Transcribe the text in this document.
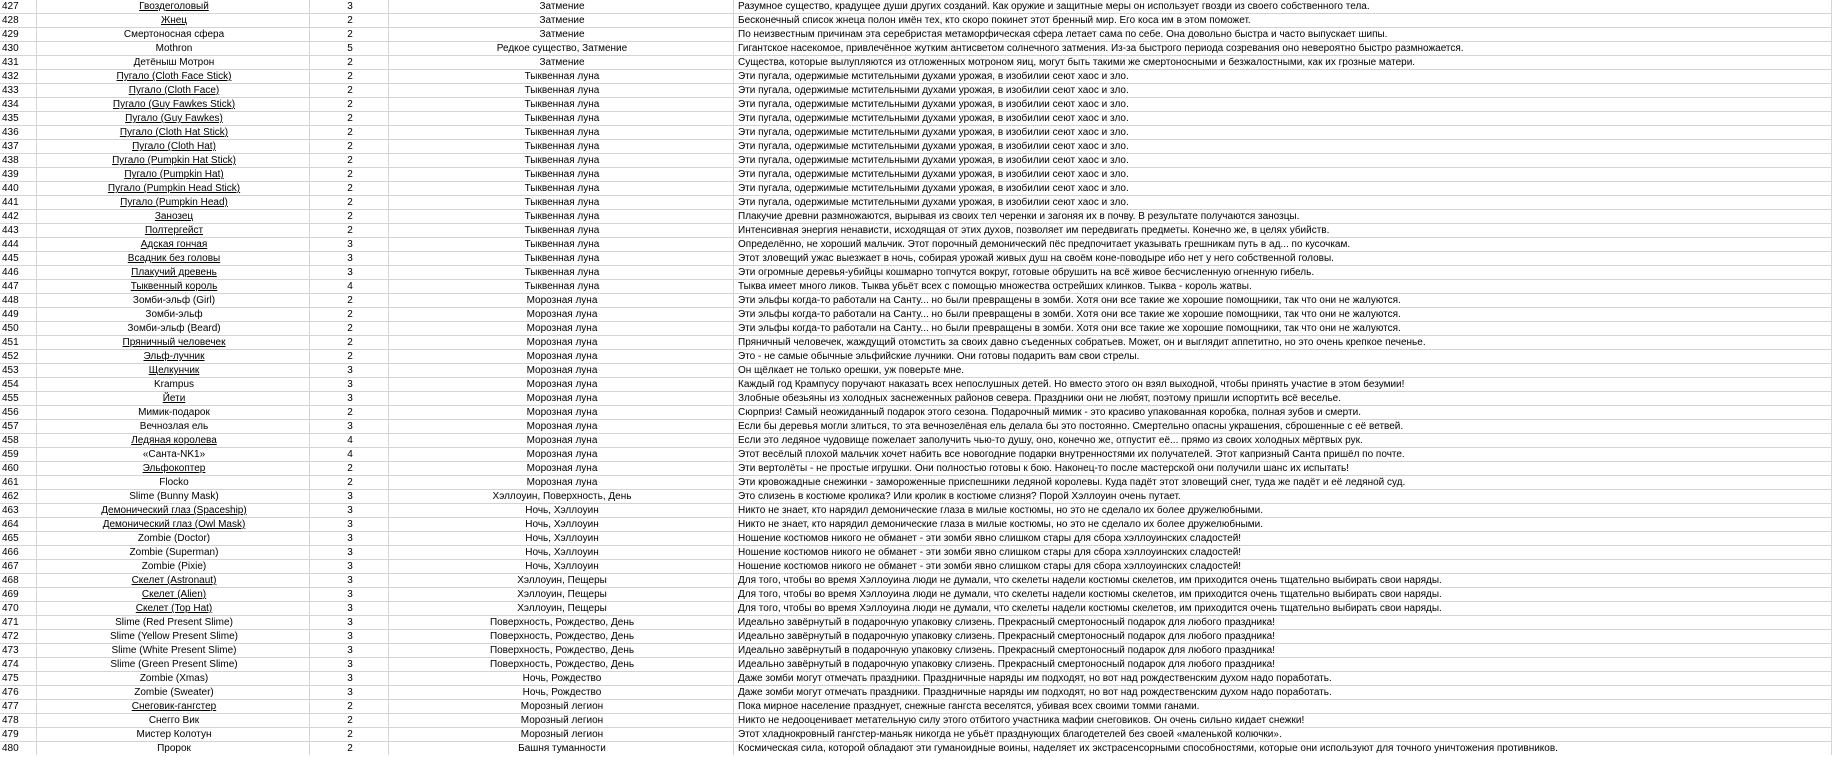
427	Гвоздеголовый	3	Затмение	Разумное существо, крадущее души других созданий. Как оружие и защитные меры он использует гвозди из своего собственного тела.
428	Жнец	2	Затмение	Бесконечный список жнеца полон имён тех, кто скоро покинет этот бренный мир. Его коса им в этом поможет.
429	Смертоносная сфера	2	Затмение	По неизвестным причинам эта серебристая метаморфическая сфера летает сама по себе. Она довольно быстра и часто выпускает шипы.
430	Mothron	5	Редкое существо, Затмение	Гигантское насекомое, привлечённое жутким антисветом солнечного затмения. Из-за быстрого периода созревания оно невероятно быстро размножается.
431	Детёныш Мотрон	2	Затмение	Существа, которые вылупляются из отложенных мотроном яиц, могут быть такими же смертоносными и безжалостными, как их грозные матери.
432	Пугало (Cloth Face Stick)	2	Тыквенная луна	Эти пугала, одержимые мстительными духами урожая, в изобилии сеют хаос и зло.
433	Пугало (Cloth Face)	2	Тыквенная луна	Эти пугала, одержимые мстительными духами урожая, в изобилии сеют хаос и зло.
434	Пугало (Guy Fawkes Stick)	2	Тыквенная луна	Эти пугала, одержимые мстительными духами урожая, в изобилии сеют хаос и зло.
435	Пугало (Guy Fawkes)	2	Тыквенная луна	Эти пугала, одержимые мстительными духами урожая, в изобилии сеют хаос и зло.
436	Пугало (Cloth Hat Stick)	2	Тыквенная луна	Эти пугала, одержимые мстительными духами урожая, в изобилии сеют хаос и зло.
437	Пугало (Cloth Hat)	2	Тыквенная луна	Эти пугала, одержимые мстительными духами урожая, в изобилии сеют хаос и зло.
438	Пугало (Pumpkin Hat Stick)	2	Тыквенная луна	Эти пугала, одержимые мстительными духами урожая, в изобилии сеют хаос и зло.
439	Пугало (Pumpkin Hat)	2	Тыквенная луна	Эти пугала, одержимые мстительными духами урожая, в изобилии сеют хаос и зло.
440	Пугало (Pumpkin Head Stick)	2	Тыквенная луна	Эти пугала, одержимые мстительными духами урожая, в изобилии сеют хаос и зло.
441	Пугало (Pumpkin Head)	2	Тыквенная луна	Эти пугала, одержимые мстительными духами урожая, в изобилии сеют хаос и зло.
442	Занозец	2	Тыквенная луна	Плакучие древни размножаются, вырывая из своих тел черенки и загоняя их в почву. В результате получаются занозцы.
443	Полтергейст	2	Тыквенная луна	Интенсивная энергия ненависти, исходящая от этих духов, позволяет им передвигать предметы. Конечно же, в целях убийств.
444	Адская гончая	3	Тыквенная луна	Определённо, не хороший мальчик. Этот порочный демонический пёс предпочитает указывать грешникам путь в ад... по кусочкам.
445	Всадник без головы	3	Тыквенная луна	Этот зловещий ужас выезжает в ночь, собирая урожай живых душ на своём коне-поводыре ибо нет у него собственной головы.
446	Плакучий древень	3	Тыквенная луна	Эти огромные деревья-убийцы кошмарно топчутся вокруг, готовые обрушить на всё живое бесчисленную огненную гибель.
447	Тыквенный король	4	Тыквенная луна	Тыква имеет много ликов. Тыква убьёт всех с помощью множества острейших клинков. Тыква - король жатвы.
448	Зомби-эльф (Girl)	2	Морозная луна	Эти эльфы когда-то работали на Санту... но были превращены в зомби. Хотя они все такие же хорошие помощники, так что они не жалуются.
449	Зомби-эльф	2	Морозная луна	Эти эльфы когда-то работали на Санту... но были превращены в зомби. Хотя они все такие же хорошие помощники, так что они не жалуются.
450	Зомби-эльф (Beard)	2	Морозная луна	Эти эльфы когда-то работали на Санту... но были превращены в зомби. Хотя они все такие же хорошие помощники, так что они не жалуются.
451	Пряничный человечек	2	Морозная луна	Пряничный человечек, жаждущий отомстить за своих давно съеденных собратьев. Может, он и выглядит аппетитно, но это очень крепкое печенье.
452	Эльф-лучник	2	Морозная луна	Это - не самые обычные эльфийские лучники. Они готовы подарить вам свои стрелы.
453	Щелкунчик	3	Морозная луна	Он щёлкает не только орешки, уж поверьте мне.
454	Krampus	3	Морозная луна	Каждый год Крампусу поручают наказать всех непослушных детей. Но вместо этого он взял выходной, чтобы принять участие в этом безумии!
455	Йети	3	Морозная луна	Злобные обезьяны из холодных заснеженных районов севера. Праздники они не любят, поэтому пришли испортить всё веселье.
456	Мимик-подарок	2	Морозная луна	Сюрприз! Самый неожиданный подарок этого сезона. Подарочный мимик - это красиво упакованная коробка, полная зубов и смерти.
457	Вечнозлая ель	3	Морозная луна	Если бы деревья могли злиться, то эта вечнозелёная ель делала бы это постоянно. Смертельно опасны украшения, сброшенные с её ветвей.
458	Ледяная королева	4	Морозная луна	Если это ледяное чудовище пожелает заполучить чью-то душу, оно, конечно же, отпустит её... прямо из своих холодных мёртвых рук.
459	«Санта-NK1»	4	Морозная луна	Этот весёлый плохой мальчик хочет набить все новогодние подарки внутренностями их получателей. Этот капризный Санта пришёл по почте.
460	Эльфокоптер	2	Морозная луна	Эти вертолёты - не простые игрушки. Они полностью готовы к бою. Наконец-то после мастерской они получили шанс их испытать!
461	Flocko	2	Морозная луна	Эти кровожадные снежинки - замороженные приспешники ледяной королевы. Куда падёт этот зловещий снег, туда же падёт и её ледяной суд.
462	Slime (Bunny Mask)	3	Хэллоуин, Поверхность, День	Это слизень в костюме кролика? Или кролик в костюме слизня? Порой Хэллоуин очень путает.
463	Демонический глаз (Spaceship)	3	Ночь, Хэллоуин	Никто не знает, кто нарядил демонические глаза в милые костюмы, но это не сделало их более дружелюбными.
464	Демонический глаз (Owl Mask)	3	Ночь, Хэллоуин	Никто не знает, кто нарядил демонические глаза в милые костюмы, но это не сделало их более дружелюбными.
465	Zombie (Doctor)	3	Ночь, Хэллоуин	Ношение костюмов никого не обманет - эти зомби явно слишком стары для сбора хэллоуинских сладостей!
466	Zombie (Superman)	3	Ночь, Хэллоуин	Ношение костюмов никого не обманет - эти зомби явно слишком стары для сбора хэллоуинских сладостей!
467	Zombie (Pixie)	3	Ночь, Хэллоуин	Ношение костюмов никого не обманет - эти зомби явно слишком стары для сбора хэллоуинских сладостей!
468	Скелет (Astronaut)	3	Хэллоуин, Пещеры	Для того, чтобы во время Хэллоуина люди не думали, что скелеты надели костюмы скелетов, им приходится очень тщательно выбирать свои наряды.
469	Скелет (Alien)	3	Хэллоуин, Пещеры	Для того, чтобы во время Хэллоуина люди не думали, что скелеты надели костюмы скелетов, им приходится очень тщательно выбирать свои наряды.
470	Скелет (Top Hat)	3	Хэллоуин, Пещеры	Для того, чтобы во время Хэллоуина люди не думали, что скелеты надели костюмы скелетов, им приходится очень тщательно выбирать свои наряды.
471	Slime (Red Present Slime)	3	Поверхность, Рождество, День	Идеально завёрнутый в подарочную упаковку слизень. Прекрасный смертоносный подарок для любого праздника!
472	Slime (Yellow Present Slime)	3	Поверхность, Рождество, День	Идеально завёрнутый в подарочную упаковку слизень. Прекрасный смертоносный подарок для любого праздника!
473	Slime (White Present Slime)	3	Поверхность, Рождество, День	Идеально завёрнутый в подарочную упаковку слизень. Прекрасный смертоносный подарок для любого праздника!
474	Slime (Green Present Slime)	3	Поверхность, Рождество, День	Идеально завёрнутый в подарочную упаковку слизень. Прекрасный смертоносный подарок для любого праздника!
475	Zombie (Xmas)	3	Ночь, Рождество	Даже зомби могут отмечать праздники. Праздничные наряды им подходят, но вот над рождественским духом надо поработать.
476	Zombie (Sweater)	3	Ночь, Рождество	Даже зомби могут отмечать праздники. Праздничные наряды им подходят, но вот над рождественским духом надо поработать.
477	Снеговик-гангстер	2	Морозный легион	Пока мирное население празднует, снежные гангста веселятся, убивая всех своими томми ганами.
478	Снегго Вик	2	Морозный легион	Никто не недооценивает метательную силу этого отбитого участника мафии снеговиков. Он очень сильно кидает снежки!
479	Мистер Колотун	2	Морозный легион	Этот хладнокровный гангстер-маньяк никогда не убьёт празднующих благодетелей без своей «маленькой колючки».
480	Пророк	2	Башня туманности	Космическая сила, которой обладают эти гуманоидные воины, наделяет их экстрасенсорными способностями, которые они используют для точного уничтожения противников.
